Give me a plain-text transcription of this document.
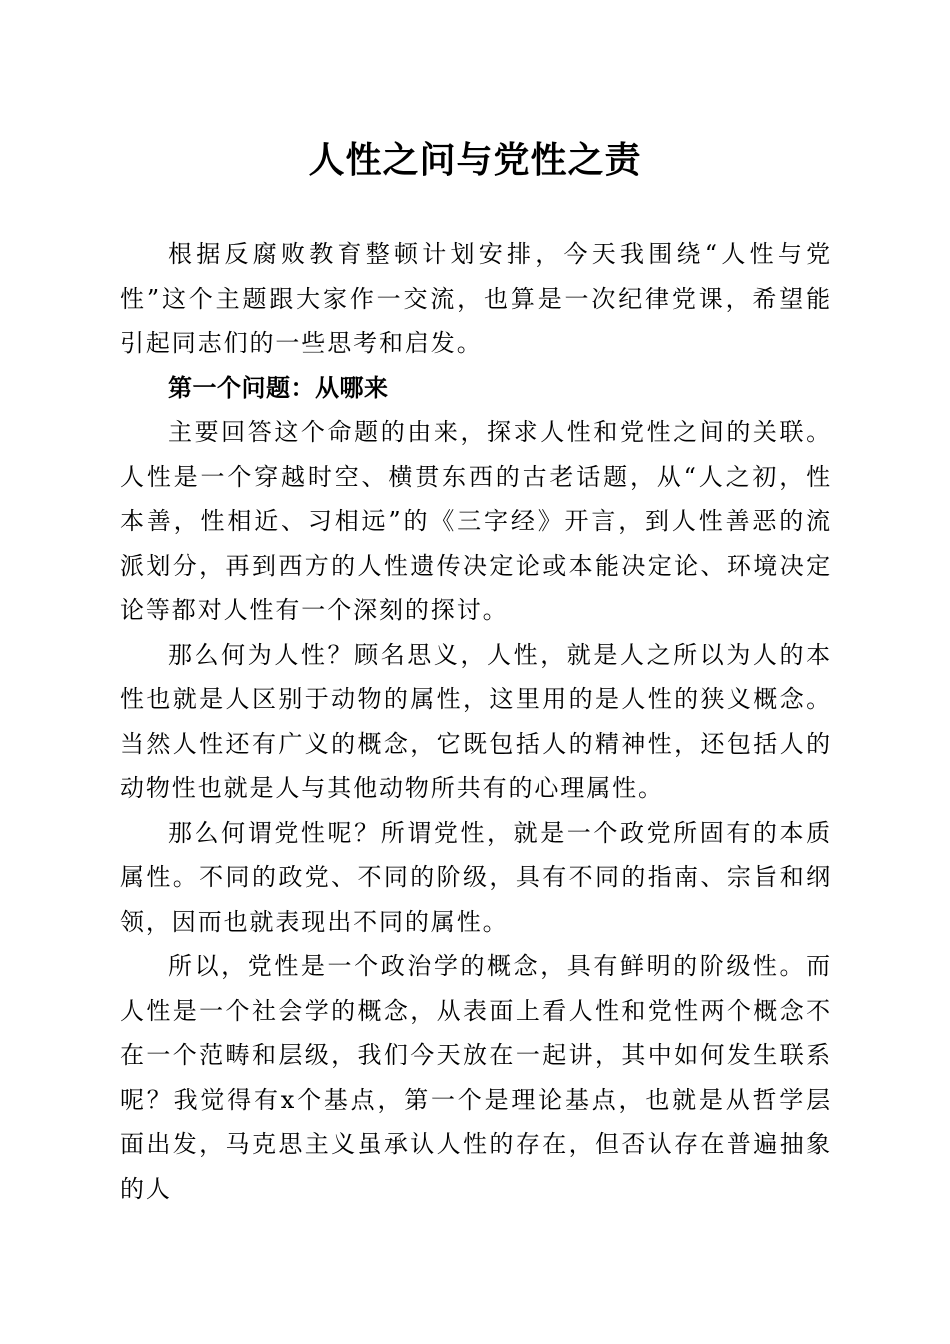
人性之问与党性之责

根据反腐败教育整顿计划安排，今天我围绕“人性与党性”这个主题跟大家作一交流，也算是一次纪律党课，希望能引起同志们的一些思考和启发。

第一个问题：从哪来

主要回答这个命题的由来，探求人性和党性之间的关联。人性是一个穿越时空、横贯东西的古老话题，从“人之初，性本善，性相近、习相远”的《三字经》开言，到人性善恶的流派划分，再到西方的人性遗传决定论或本能决定论、环境决定论等都对人性有一个深刻的探讨。

那么何为人性？顾名思义，人性，就是人之所以为人的本性也就是人区别于动物的属性，这里用的是人性的狭义概念。当然人性还有广义的概念，它既包括人的精神性，还包括人的动物性也就是人与其他动物所共有的心理属性。

那么何谓党性呢？所谓党性，就是一个政党所固有的本质属性。不同的政党、不同的阶级，具有不同的指南、宗旨和纲领，因而也就表现出不同的属性。

所以，党性是一个政治学的概念，具有鲜明的阶级性。而人性是一个社会学的概念，从表面上看人性和党性两个概念不在一个范畴和层级，我们今天放在一起讲，其中如何发生联系呢？我觉得有x个基点，第一个是理论基点，也就是从哲学层面出发，马克思主义虽承认人性的存在，但否认存在普遍抽象的人
